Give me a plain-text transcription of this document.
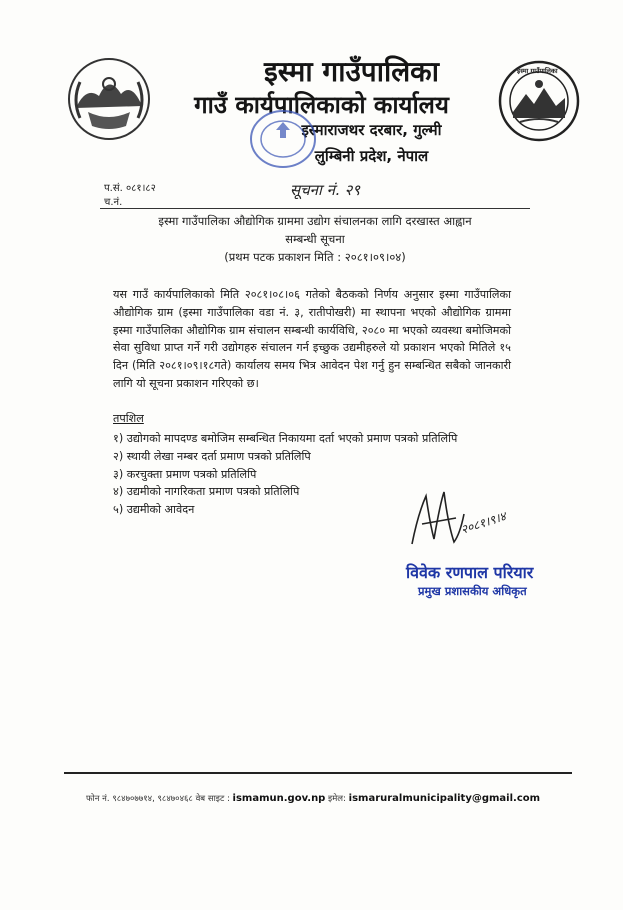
इस्मा गाउँपालिका
इस्मा गाउँपालिका
गाउँ कार्यपालिकाको कार्यालय
इस्माराजथर दरबार, गुल्मी
लुम्बिनी प्रदेश, नेपाल
प.सं. ०८१।८२
च.नं.
सूचना नं. २९
इस्मा गाउँपालिका औद्योगिक ग्राममा उद्योग संचालनका लागि दरखास्त आह्वान
सम्बन्धी सूचना
(प्रथम पटक प्रकाशन मिति : २०८१।०९।०४)
यस गाउँ कार्यपालिकाको मिति २०८१।०८।०६ गतेको बैठकको निर्णय अनुसार इस्मा गाउँपालिका औद्योगिक ग्राम (इस्मा गाउँपालिका वडा नं. ३, रातीपोखरी) मा स्थापना भएको औद्योगिक ग्राममा इस्मा गाउँपालिका औद्योगिक ग्राम संचालन सम्बन्धी कार्यविधि, २०८० मा भएको व्यवस्था बमोजिमको सेवा सुविधा प्राप्त गर्ने गरी उद्योगहरु संचालन गर्न इच्छुक उद्यमीहरुले यो प्रकाशन भएको मितिले १५ दिन (मिति २०८१।०९।१८गते) कार्यालय समय भित्र आवेदन पेश गर्नु हुन सम्बन्धित सबैको जानकारी लागि यो सूचना प्रकाशन गरिएको छ।
तपशिल
१) उद्योगको मापदण्ड बमोजिम सम्बन्धित निकायमा दर्ता भएको प्रमाण पत्रको प्रतिलिपि
२) स्थायी लेखा नम्बर दर्ता प्रमाण पत्रको प्रतिलिपि
३) करचुक्ता प्रमाण पत्रको प्रतिलिपि
४) उद्यमीको नागरिकता प्रमाण पत्रको प्रतिलिपि
५) उद्यमीको आवेदन	२०८१।९।४
विवेक रणपाल परियार
प्रमुख प्रशासकीय अधिकृत
फोन नं. ९८४७०७७१४, ९८४७०४६८ वेब साइट : ismamun.gov.np इमेल: ismaruralmunicipality@gmail.com
